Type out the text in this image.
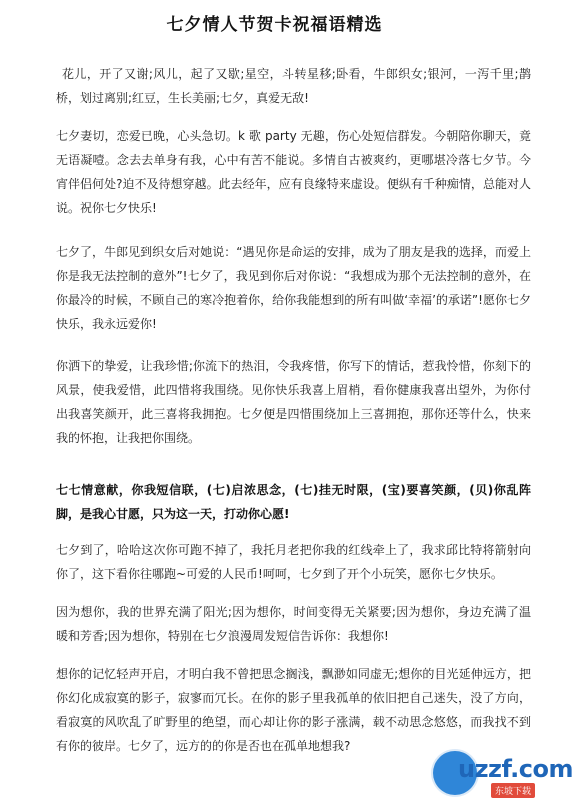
七夕情人节贺卡祝福语精选
花儿，开了又谢;风儿，起了又歇;星空，斗转星移;卧看，牛郎织女;银河，一泻千里;鹊桥，划过离别;红豆，生长美丽;七夕，真爱无敌!
七夕妻切，恋爱已晚，心头急切。k 歌 party 无趣，伤心处短信群发。今朝陪你聊天，竟无语凝噎。念去去单身有我，心中有苦不能说。多情自古被爽约，更哪堪冷落七夕节。今宵伴侣何处?迫不及待想穿越。此去经年，应有良缘特来虚设。便纵有千种痴情，总能对人说。祝你七夕快乐!
七夕了，牛郎见到织女后对她说：“遇见你是命运的安排，成为了朋友是我的选择，而爱上你是我无法控制的意外”!七夕了，我见到你后对你说：“我想成为那个无法控制的意外，在你最冷的时候，不顾自己的寒冷抱着你，给你我能想到的所有叫做‘幸福’的承诺”!愿你七夕快乐，我永远爱你!
你洒下的挚爱，让我珍惜;你流下的热泪，令我疼惜，你写下的情话，惹我怜惜，你刻下的风景，使我爱惜，此四惜将我围绕。见你快乐我喜上眉梢，看你健康我喜出望外，为你付出我喜笑颜开，此三喜将我拥抱。七夕便是四惜围绕加上三喜拥抱，那你还等什么，快来我的怀抱，让我把你围绕。
七七情意献，你我短信联，(七)启浓思念，(七)挂无时限，(宝)要喜笑颜，(贝)你乱阵脚，是我心甘愿，只为这一天，打动你心愿!
七夕到了，哈哈这次你可跑不掉了，我托月老把你我的红线牵上了，我求邱比特将箭射向你了，这下看你往哪跑~可爱的人民币!呵呵，七夕到了开个小玩笑，愿你七夕快乐。
因为想你，我的世界充满了阳光;因为想你，时间变得无关紧要;因为想你，身边充满了温暖和芳香;因为想你，特别在七夕浪漫周发短信告诉你：我想你!
想你的记忆轻声开启，才明白我不曾把思念搁浅，飘渺如同虚无;想你的目光延伸远方，把你幻化成寂寞的影子，寂寥而冗长。在你的影子里我孤单的依旧把自己迷失，没了方向，看寂寞的风吹乱了旷野里的绝望，而心却让你的影子涨满，载不动思念悠悠，而我找不到有你的彼岸。七夕了，远方的的你是否也在孤单地想我?
uzzf.com
东坡下载
